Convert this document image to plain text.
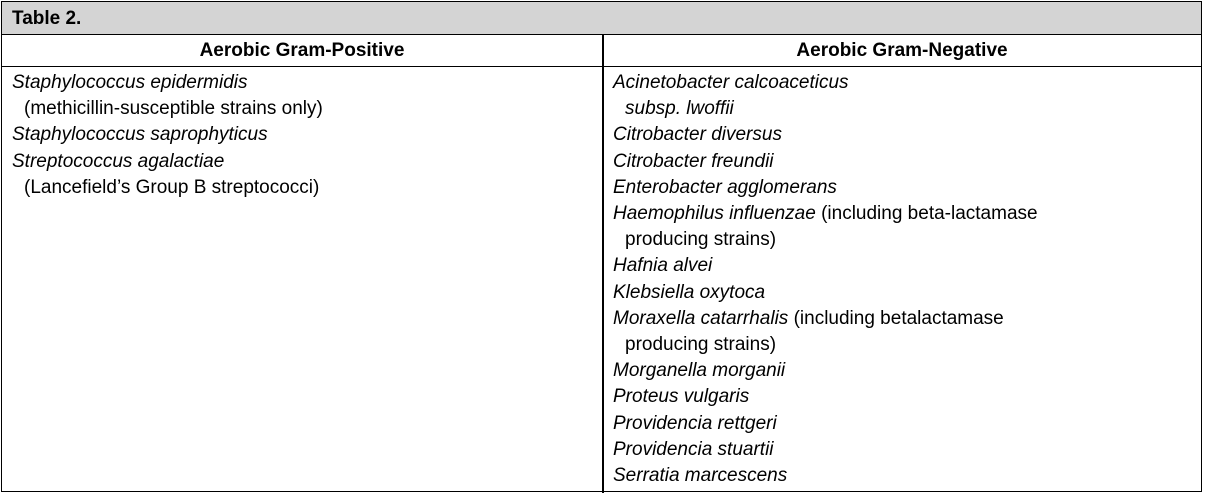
Table 2.
Aerobic Gram-Positive	Aerobic Gram-Negative
Staphylococcus epidermidis
(methicillin-susceptible strains only)
Staphylococcus saprophyticus
Streptococcus agalactiae
(Lancefield’s Group B streptococci)
Acinetobacter calcoaceticus
subsp. lwoffii
Citrobacter diversus
Citrobacter freundii
Enterobacter agglomerans
Haemophilus influenzae (including beta-lactamase
producing strains)
Hafnia alvei
Klebsiella oxytoca
Moraxella catarrhalis (including betalactamase
producing strains)
Morganella morganii
Proteus vulgaris
Providencia rettgeri
Providencia stuartii
Serratia marcescens
